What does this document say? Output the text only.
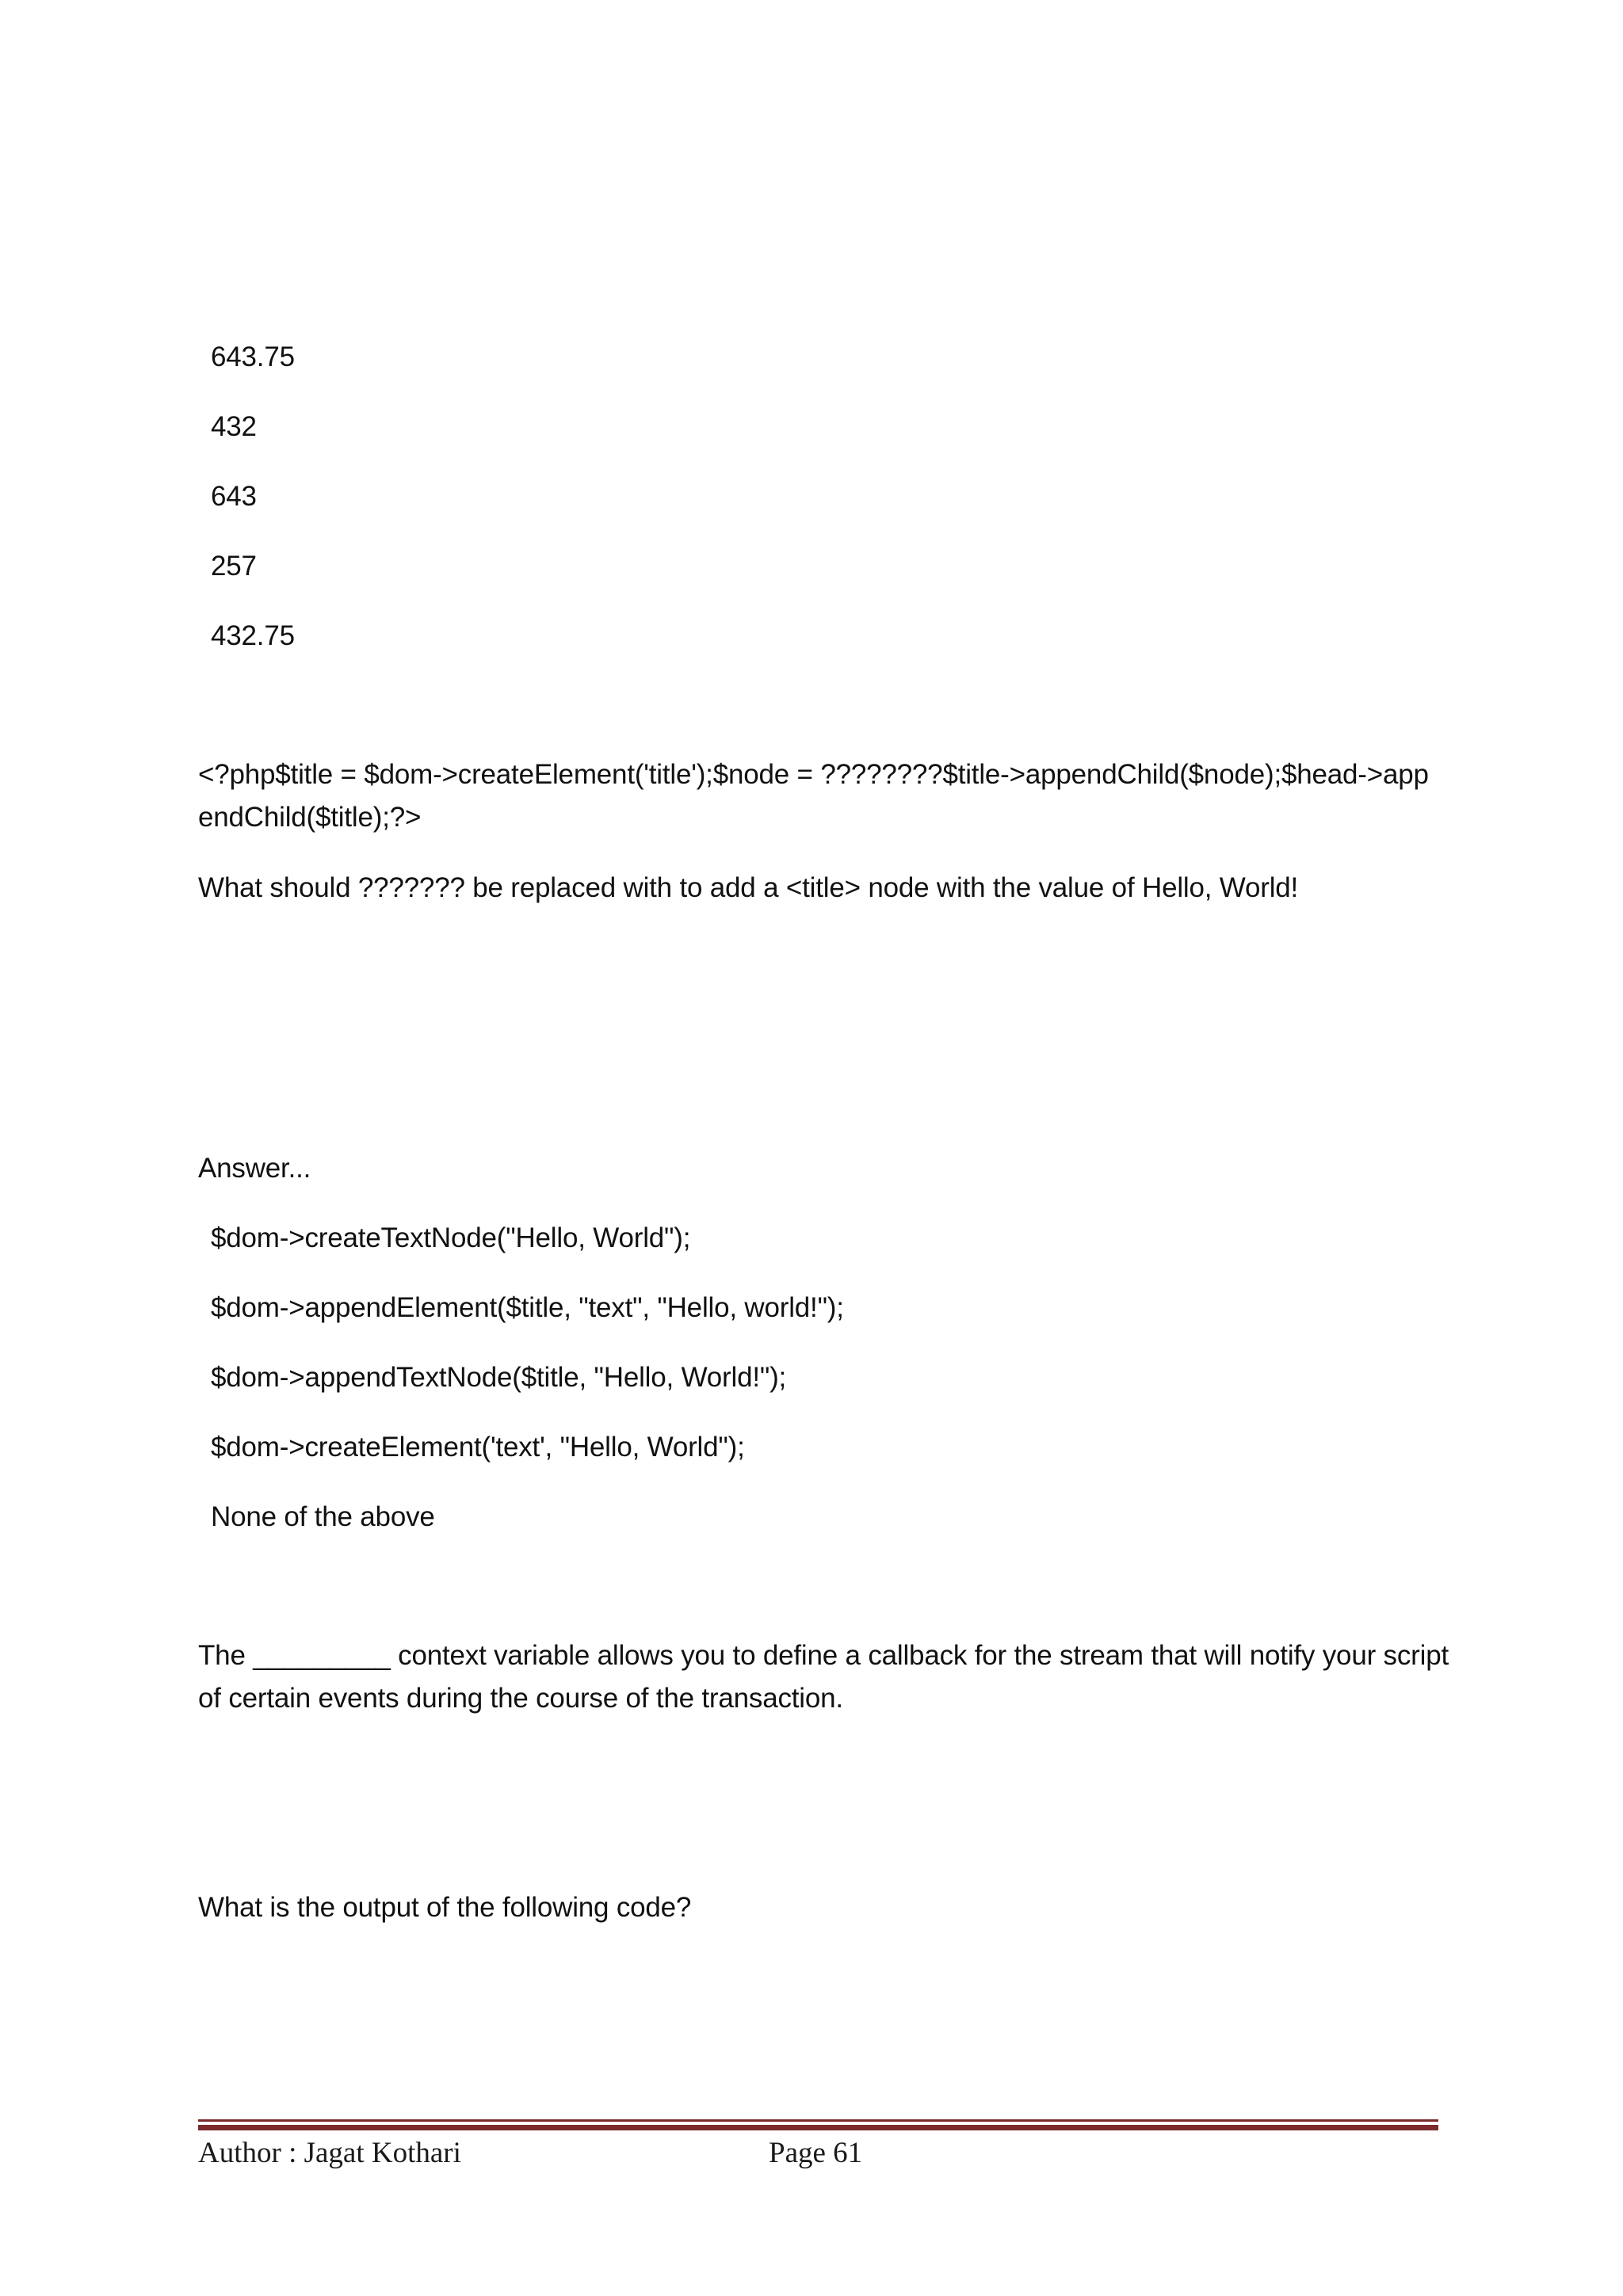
643.75
432
643
257
432.75
<?php$title = $dom->createElement('title');$node = ????????$title->appendChild($node);$head->appendChild($title);?>
What should ??????? be replaced with to add a <title> node with the value of Hello, World!
Answer...
$dom->createTextNode("Hello, World");
$dom->appendElement($title, "text", "Hello, world!");
$dom->appendTextNode($title, "Hello, World!");
$dom->createElement('text', "Hello, World");
None of the above
The _________ context variable allows you to define a callback for the stream that will notify your script of certain events during the course of the transaction.
What is the output of the following code?
Author : Jagat Kothari	Page 61
